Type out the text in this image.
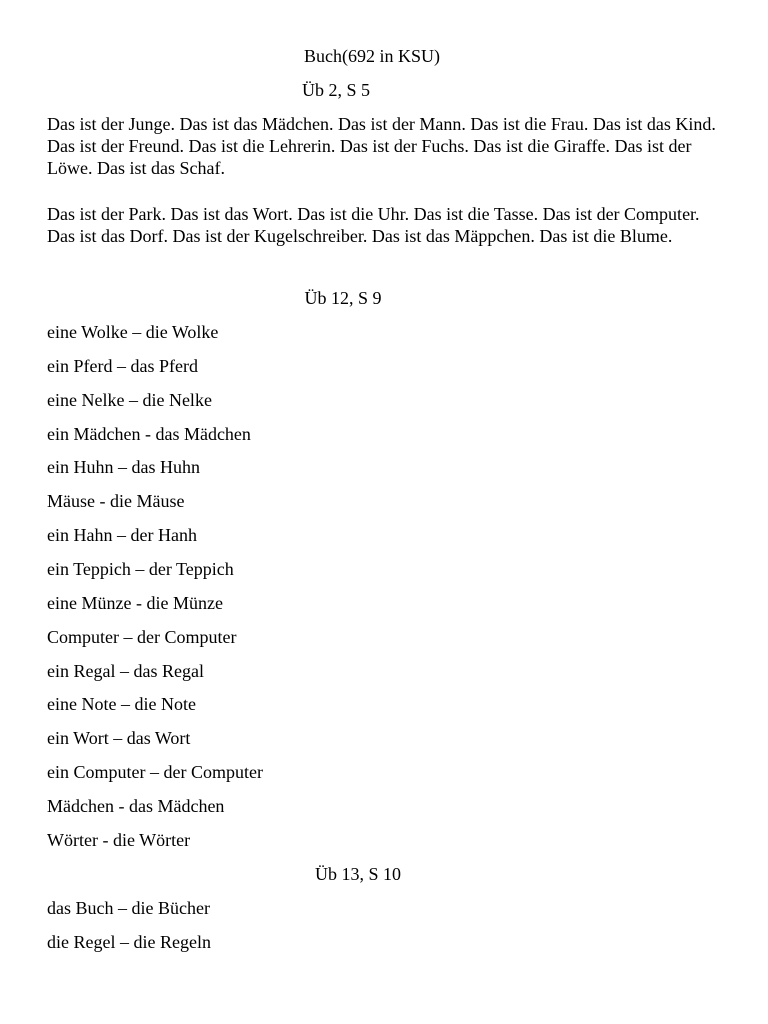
Buch(692 in KSU)
Üb 2, S 5
Das ist der Junge. Das ist das Mädchen. Das ist der Mann. Das ist die Frau. Das ist das Kind. Das ist der Freund. Das ist die Lehrerin. Das ist der Fuchs. Das ist die Giraffe. Das ist der Löwe. Das ist das Schaf.
Das ist der Park. Das ist das Wort. Das ist die Uhr. Das ist die Tasse. Das ist der Computer. Das ist das Dorf. Das ist der Kugelschreiber. Das ist das Mäppchen. Das ist die Blume.
Üb 12, S 9
eine Wolke – die Wolke
ein Pferd – das Pferd
eine Nelke – die Nelke
ein Mädchen - das Mädchen
ein Huhn – das Huhn
Mäuse - die Mäuse
ein Hahn – der Hanh
ein Teppich – der Teppich
eine Münze - die Münze
Computer – der Computer
ein Regal – das Regal
eine Note – die Note
ein Wort – das Wort
ein Computer – der Computer
Mädchen - das Mädchen
Wörter - die Wörter
Üb 13, S 10
das Buch – die Bücher
die Regel – die Regeln
